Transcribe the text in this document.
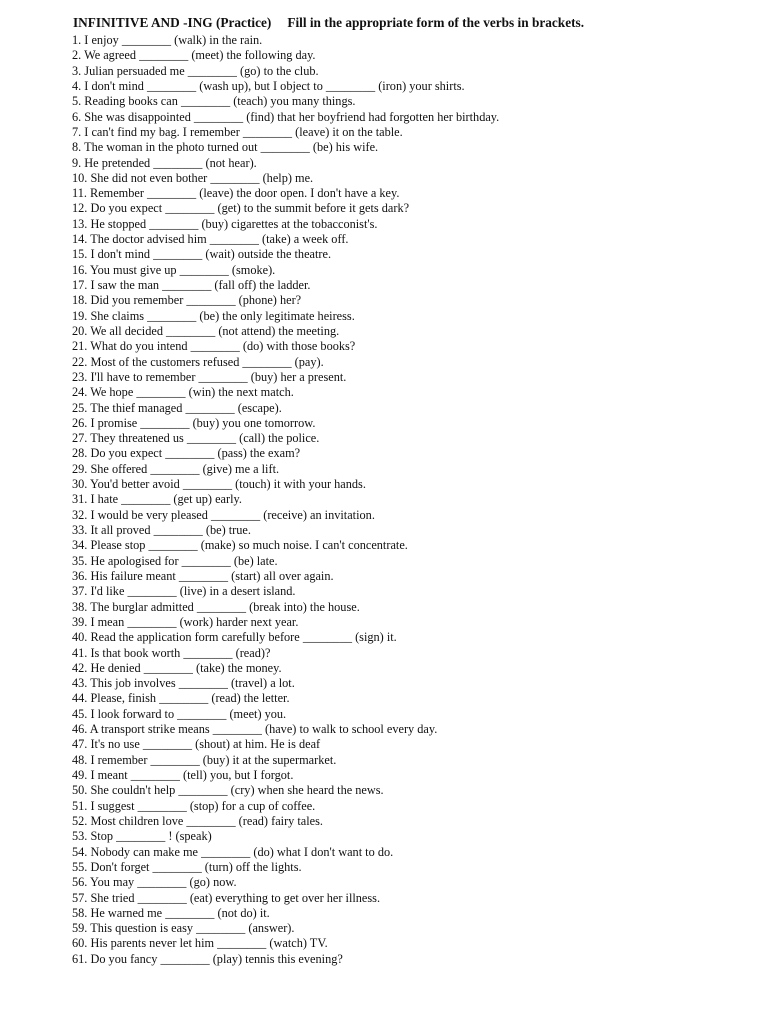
INFINITIVE AND -ING (Practice) Fill in the appropriate form of the verbs in brackets.
1. I enjoy ________ (walk) in the rain.
2. We agreed ________ (meet) the following day.
3. Julian persuaded me ________ (go) to the club.
4. I don't mind ________ (wash up), but I object to ________ (iron) your shirts.
5. Reading books can ________ (teach) you many things.
6. She was disappointed ________ (find) that her boyfriend had forgotten her birthday.
7. I can't find my bag. I remember ________ (leave) it on the table.
8. The woman in the photo turned out ________ (be) his wife.
9. He pretended ________ (not hear).
10. She did not even bother ________ (help) me.
11. Remember ________ (leave) the door open. I don't have a key.
12. Do you expect ________ (get) to the summit before it gets dark?
13. He stopped ________ (buy) cigarettes at the tobacconist's.
14. The doctor advised him ________ (take) a week off.
15. I don't mind ________ (wait) outside the theatre.
16. You must give up ________ (smoke).
17. I saw the man ________ (fall off) the ladder.
18. Did you remember ________ (phone) her?
19. She claims ________ (be) the only legitimate heiress.
20. We all decided ________ (not attend) the meeting.
21. What do you intend ________ (do) with those books?
22. Most of the customers refused ________ (pay).
23. I'll have to remember ________ (buy) her a present.
24. We hope ________ (win) the next match.
25. The thief managed ________ (escape).
26. I promise ________ (buy) you one tomorrow.
27. They threatened us ________ (call) the police.
28. Do you expect ________ (pass) the exam?
29. She offered ________ (give) me a lift.
30. You'd better avoid ________ (touch) it with your hands.
31. I hate ________ (get up) early.
32. I would be very pleased ________ (receive) an invitation.
33. It all proved ________ (be) true.
34. Please stop ________ (make) so much noise. I can't concentrate.
35. He apologised for ________ (be) late.
36. His failure meant ________ (start) all over again.
37. I'd like ________ (live) in a desert island.
38. The burglar admitted ________ (break into) the house.
39. I mean ________ (work) harder next year.
40. Read the application form carefully before ________ (sign) it.
41. Is that book worth ________ (read)?
42. He denied ________ (take) the money.
43. This job involves ________ (travel) a lot.
44. Please, finish ________ (read) the letter.
45. I look forward to ________ (meet) you.
46. A transport strike means ________ (have) to walk to school every day.
47. It's no use ________ (shout) at him. He is deaf
48. I remember ________ (buy) it at the supermarket.
49. I meant ________ (tell) you, but I forgot.
50. She couldn't help ________ (cry) when she heard the news.
51. I suggest ________ (stop) for a cup of coffee.
52. Most children love ________ (read) fairy tales.
53. Stop ________ ! (speak)
54. Nobody can make me ________ (do) what I don't want to do.
55. Don't forget ________ (turn) off the lights.
56. You may ________ (go) now.
57. She tried ________ (eat) everything to get over her illness.
58. He warned me ________ (not do) it.
59. This question is easy ________ (answer).
60. His parents never let him ________ (watch) TV.
61. Do you fancy ________ (play) tennis this evening?
